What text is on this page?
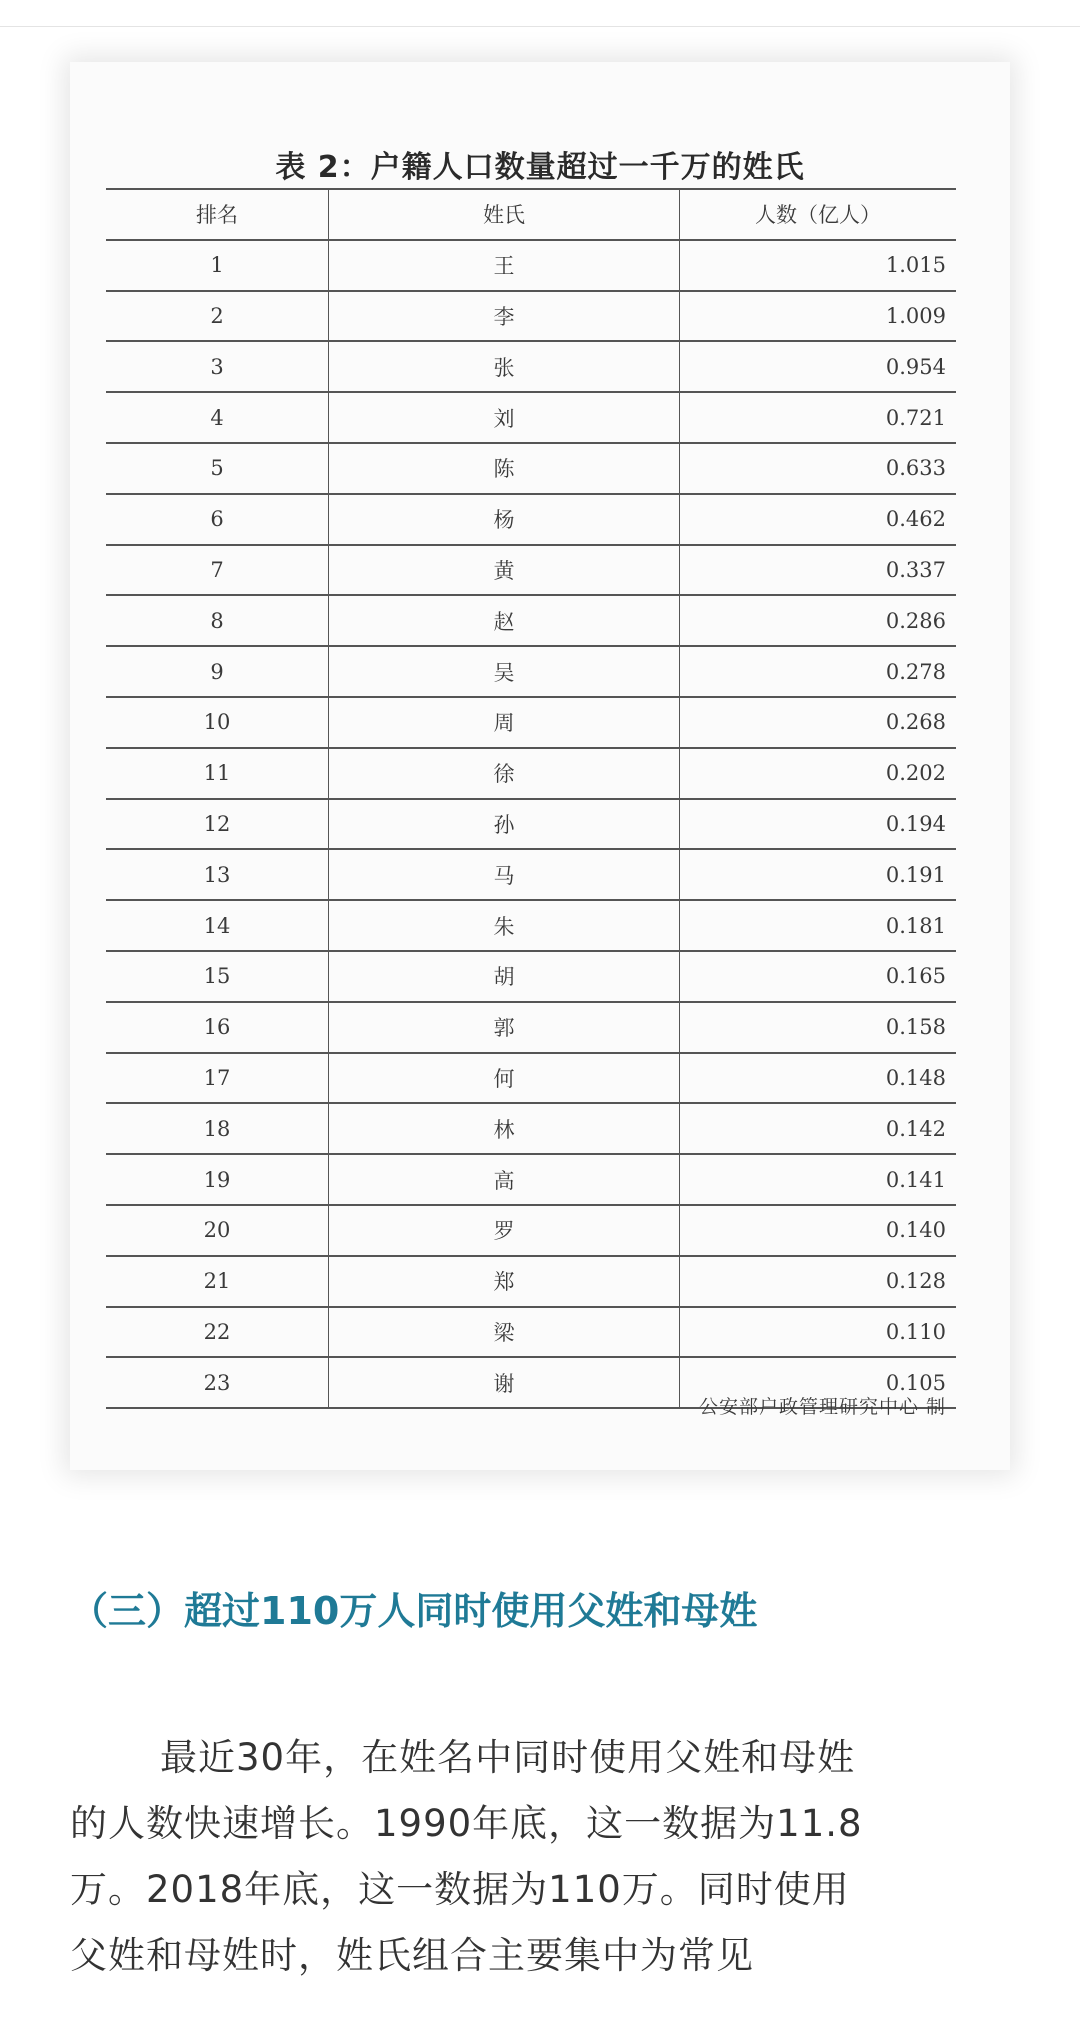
表 2：户籍人口数量超过一千万的姓氏
排名	姓氏	人数（亿人）
1	王	1.015
2	李	1.009
3	张	0.954
4	刘	0.721
5	陈	0.633
6	杨	0.462
7	黄	0.337
8	赵	0.286
9	吴	0.278
10	周	0.268
11	徐	0.202
12	孙	0.194
13	马	0.191
14	朱	0.181
15	胡	0.165
16	郭	0.158
17	何	0.148
18	林	0.142
19	高	0.141
20	罗	0.140
21	郑	0.128
22	梁	0.110
23	谢	0.105
公安部户政管理研究中心 制
（三）超过110万人同时使用父姓和母姓
最近30年，在姓名中同时使用父姓和母姓
的人数快速增长。1990年底，这一数据为11.8
万。2018年底，这一数据为110万。同时使用
父姓和母姓时，姓氏组合主要集中为常见
